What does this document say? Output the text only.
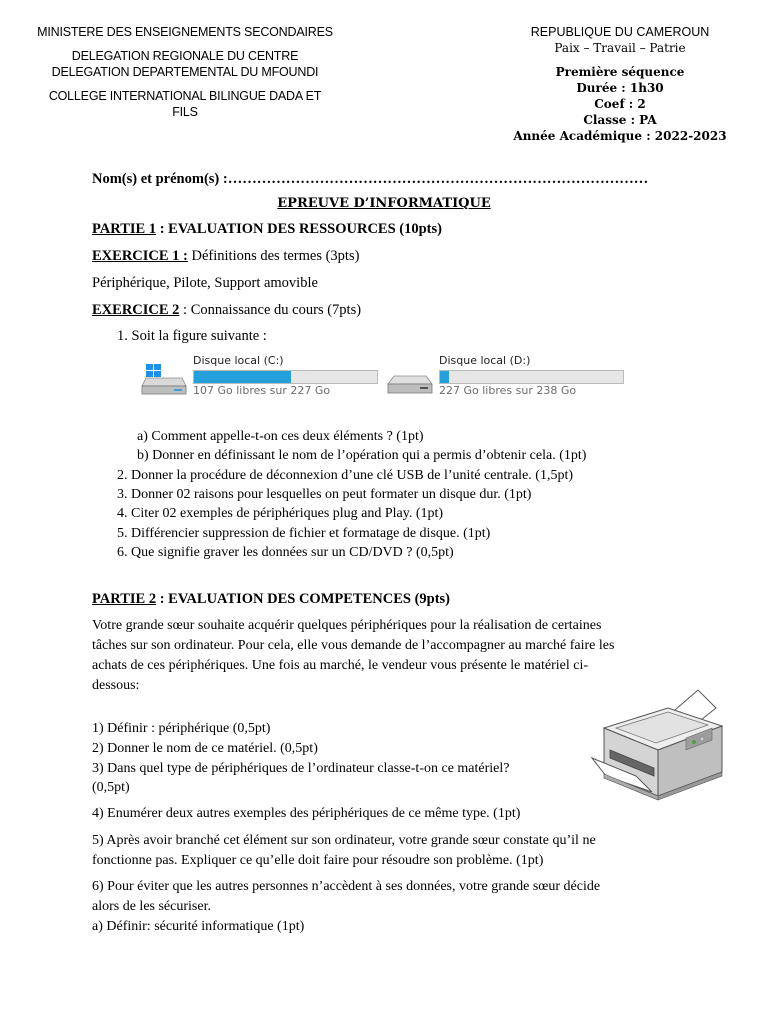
MINISTERE DES ENSEIGNEMENTS SECONDAIRES
DELEGATION REGIONALE DU CENTRE
DELEGATION DEPARTEMENTAL DU MFOUNDI
COLLEGE INTERNATIONAL BILINGUE DADA ET
FILS
REPUBLIQUE DU CAMEROUN
Paix – Travail – Patrie
Première séquence
Durée : 1h30
Coef : 2
Classe : PA
Année Académique : 2022-2023
Nom(s) et prénom(s) :……………………………………………………………………………
EPREUVE D’INFORMATIQUE
PARTIE 1 : EVALUATION DES RESSOURCES (10pts)
EXERCICE 1 : Définitions des termes (3pts)
Périphérique, Pilote, Support amovible
EXERCICE 2 : Connaissance du cours (7pts)
1. Soit la figure suivante :
Disque local (C:)
107 Go libres sur 227 Go
Disque local (D:)
227 Go libres sur 238 Go
a) Comment appelle-t-on ces deux éléments ? (1pt)
b) Donner en définissant le nom de l’opération qui a permis d’obtenir cela. (1pt)
2. Donner la procédure de déconnexion d’une clé USB de l’unité centrale. (1,5pt)
3. Donner 02 raisons pour lesquelles on peut formater un disque dur. (1pt)
4. Citer 02 exemples de périphériques plug and Play. (1pt)
5. Différencier suppression de fichier et formatage de disque. (1pt)
6. Que signifie graver les données sur un CD/DVD ? (0,5pt)
PARTIE 2 : EVALUATION DES COMPETENCES (9pts)
Votre grande sœur souhaite acquérir quelques périphériques pour la réalisation de certaines
tâches sur son ordinateur. Pour cela, elle vous demande de l’accompagner au marché faire les
achats de ces périphériques. Une fois au marché, le vendeur vous présente le matériel ci-
dessous:
1) Définir : périphérique (0,5pt)
2) Donner le nom de ce matériel. (0,5pt)
3) Dans quel type de périphériques de l’ordinateur classe-t-on ce matériel?
(0,5pt)
4) Enumérer deux autres exemples des périphériques de ce même type. (1pt)
5) Après avoir branché cet élément sur son ordinateur, votre grande sœur constate qu’il ne
fonctionne pas. Expliquer ce qu’elle doit faire pour résoudre son problème. (1pt)
6) Pour éviter que les autres personnes n’accèdent à ses données, votre grande sœur décide
alors de les sécuriser.
a) Définir: sécurité informatique (1pt)
